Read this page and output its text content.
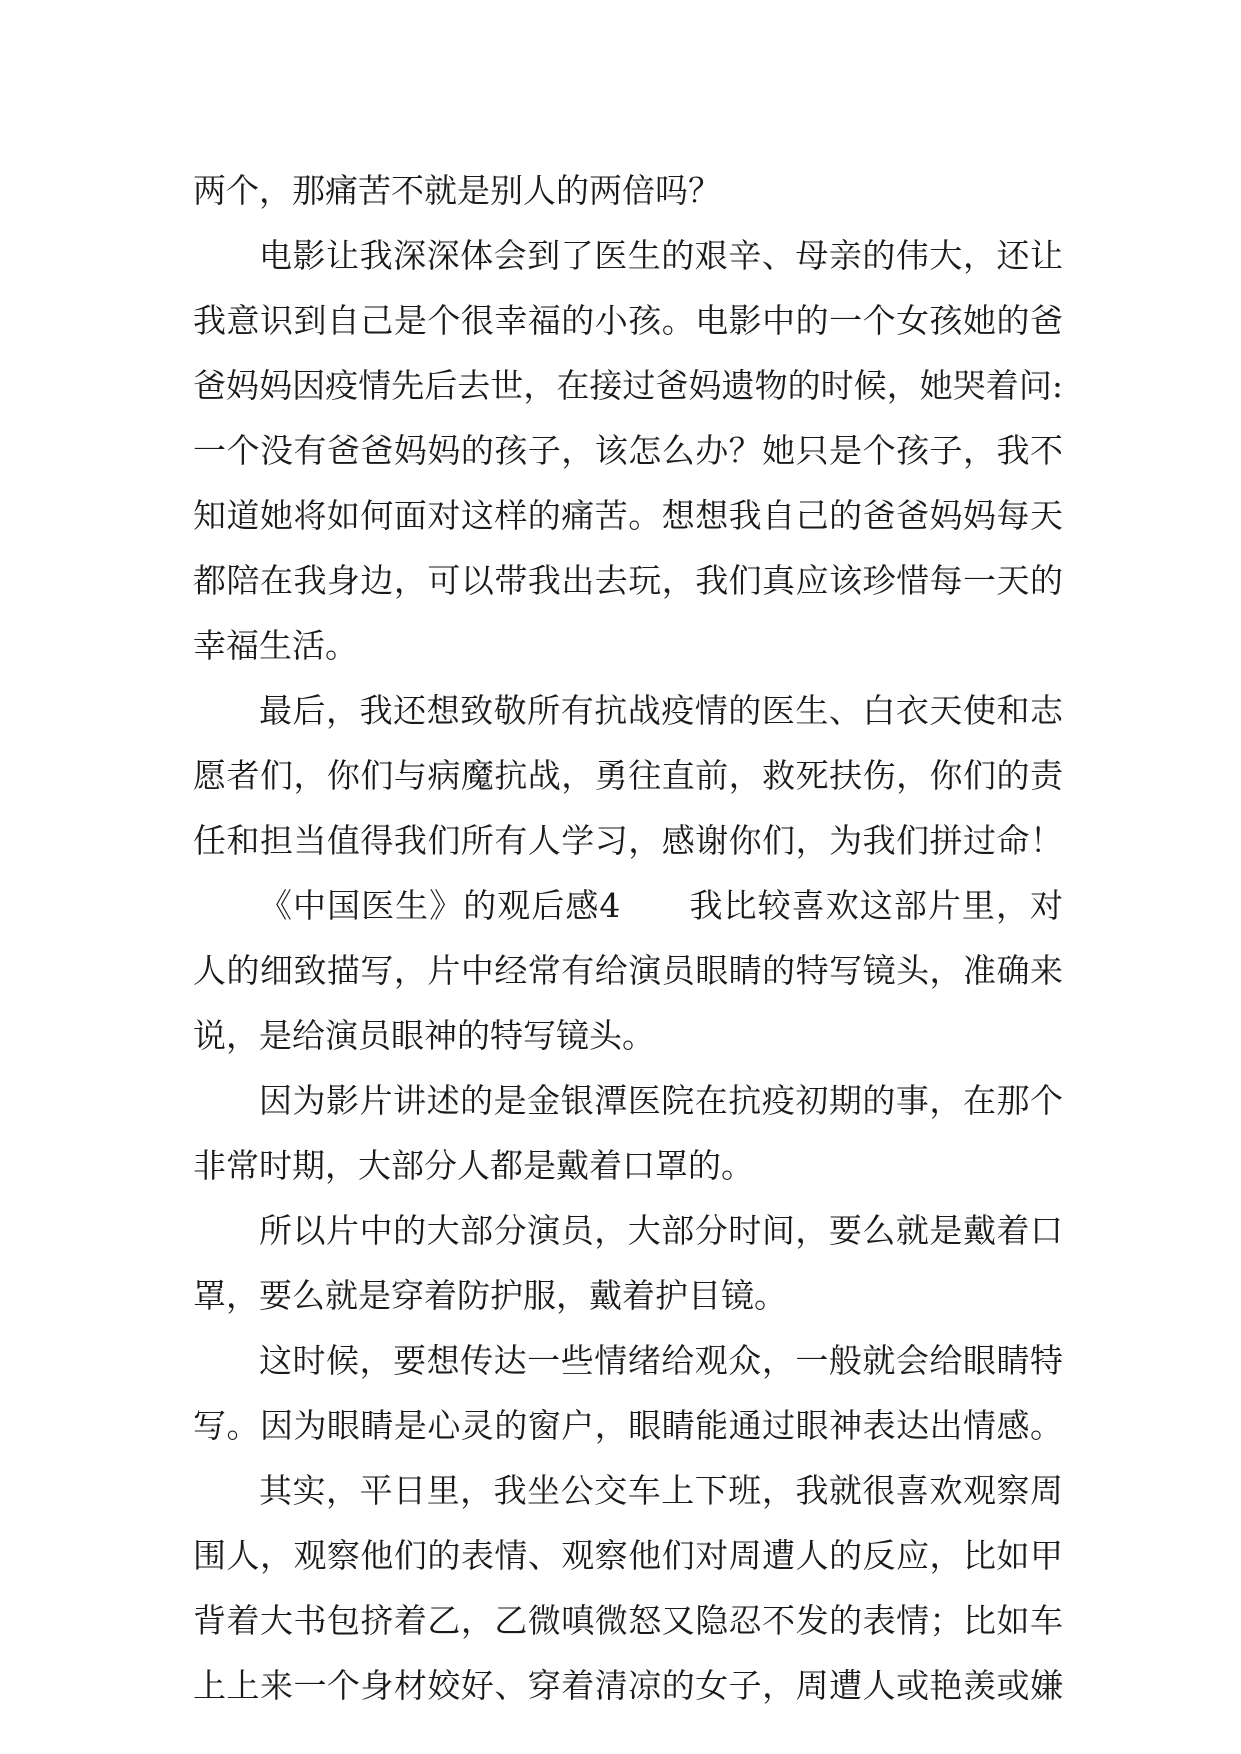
两个，那痛苦不就是别人的两倍吗？
电影让我深深体会到了医生的艰辛、母亲的伟大，还让
我意识到自己是个很幸福的小孩。电影中的一个女孩她的爸
爸妈妈因疫情先后去世，在接过爸妈遗物的时候，她哭着问:
一个没有爸爸妈妈的孩子，该怎么办？她只是个孩子，我不
知道她将如何面对这样的痛苦。想想我自己的爸爸妈妈每天
都陪在我身边，可以带我出去玩，我们真应该珍惜每一天的
幸福生活。
最后，我还想致敬所有抗战疫情的医生、白衣天使和志
愿者们，你们与病魔抗战，勇往直前，救死扶伤，你们的责
任和担当值得我们所有人学习，感谢你们，为我们拼过命！
《中国医生》的观后感4　　我比较喜欢这部片里，对
人的细致描写，片中经常有给演员眼睛的特写镜头，准确来
说，是给演员眼神的特写镜头。
因为影片讲述的是金银潭医院在抗疫初期的事，在那个
非常时期，大部分人都是戴着口罩的。
所以片中的大部分演员，大部分时间，要么就是戴着口
罩，要么就是穿着防护服，戴着护目镜。
这时候，要想传达一些情绪给观众，一般就会给眼睛特
写。因为眼睛是心灵的窗户，眼睛能通过眼神表达出情感。
其实，平日里，我坐公交车上下班，我就很喜欢观察周
围人，观察他们的表情、观察他们对周遭人的反应，比如甲
背着大书包挤着乙，乙微嗔微怒又隐忍不发的表情；比如车
上上来一个身材姣好、穿着清凉的女子，周遭人或艳羡或嫌
